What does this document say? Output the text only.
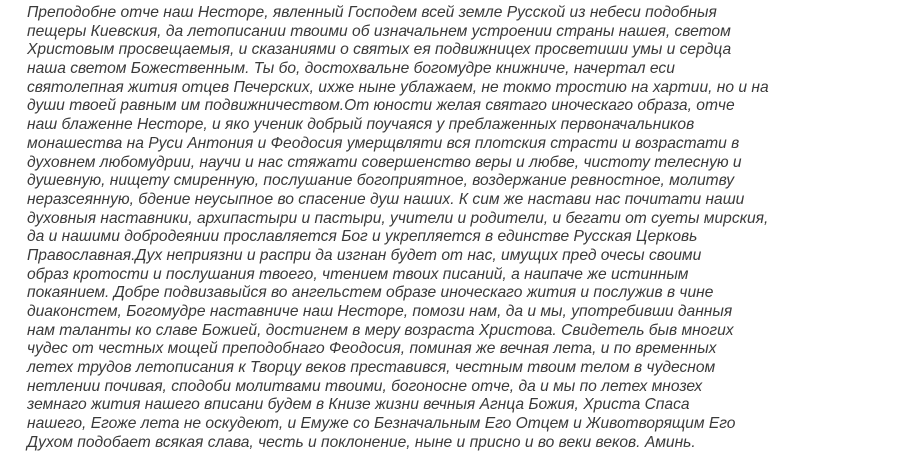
Преподобне отче наш Несторе, явленный Господем всей земле Русской из небеси подобныя
пещеры Киевския, да летописании твоими об изначальнем устроении страны нашея, светом
Христовым просвещаемыя, и сказаниями о святых ея подвижницех просветиши умы и сердца
наша светом Божественным. Ты бо, достохвальне богомудре книжниче, начертал еси
святолепная жития отцев Печерских, ихже ныне ублажаем, не токмо тростию на хартии, но и на
души твоей равным им подвижничеством.От юности желая святаго иноческаго образа, отче
наш блаженне Несторе, и яко ученик добрый поучаяся у преблаженных первоначальников
монашества на Руси Антония и Феодосия умерщвляти вся плотския страсти и возрастати в
духовнем любомудрии, научи и нас стяжати совершенство веры и любве, чистоту телесную и
душевную, нищету смиренную, послушание богоприятное, воздержание ревностное, молитву
неразсеянную, бдение неусыпное во спасение душ наших. К сим же настави нас почитати наши
духовныя наставники, архипастыри и пастыри, учители и родители, и бегати от суеты мирския,
да и нашими добродеянии прославляется Бог и укрепляется в единстве Русская Церковь
Православная.Дух неприязни и распри да изгнан будет от нас, имущих пред очесы своими
образ кротости и послушания твоего, чтением твоих писаний, а наипаче же истинным
покаянием. Добре подвизавыйся во ангельстем образе иноческаго жития и послужив в чине
диаконстем, Богомудре наставниче наш Несторе, помози нам, да и мы, употребивши данныя
нам таланты ко славе Божией, достигнем в меру возраста Христова. Свидетель быв многих
чудес от честных мощей преподобнаго Феодосия, поминая же вечная лета, и по временных
летех трудов летописания к Творцу веков преставився, честным твоим телом в чудесном
нетлении почивая, сподоби молитвами твоими, богоносне отче, да и мы по летех мнозех
земнаго жития нашего вписани будем в Книзе жизни вечныя Агнца Божия, Христа Спаса
нашего, Егоже лета не оскудеют, и Емуже со Безначальным Его Отцем и Животворящим Его
Духом подобает всякая слава, честь и поклонение, ныне и присно и во веки веков. Аминь.
